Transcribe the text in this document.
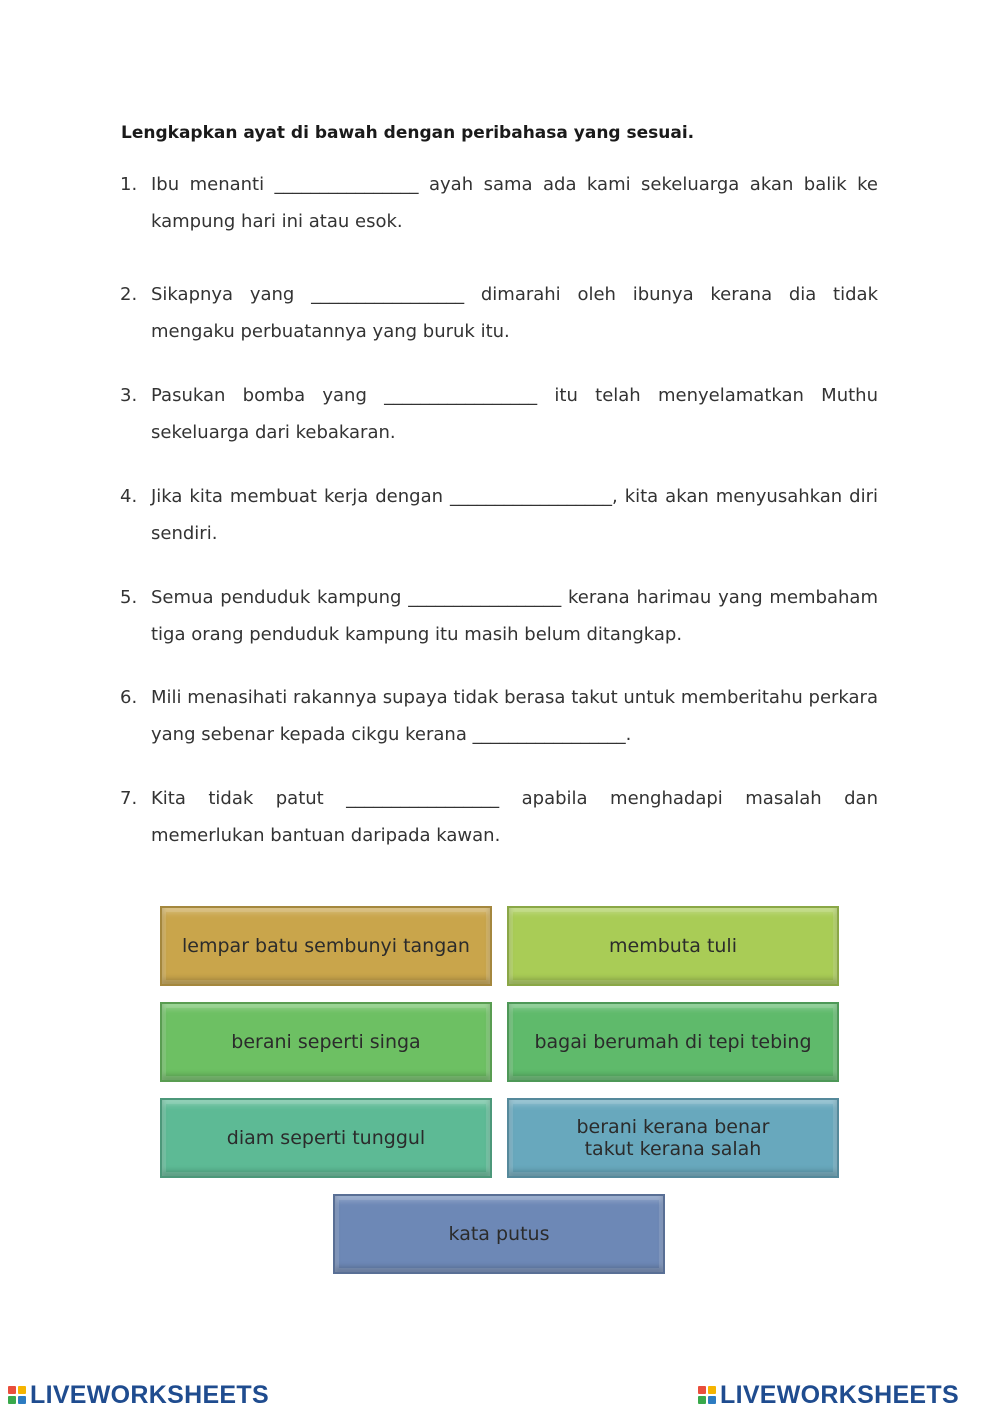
Lengkapkan ayat di bawah dengan peribahasa yang sesuai.

1. Ibu menanti ________________ ayah sama ada kami sekeluarga akan balik ke kampung hari ini atau esok.
2. Sikapnya yang _________________ dimarahi oleh ibunya kerana dia tidak mengaku perbuatannya yang buruk itu.
3. Pasukan bomba yang _________________ itu telah menyelamatkan Muthu sekeluarga dari kebakaran.
4. Jika kita membuat kerja dengan __________________, kita akan menyusahkan diri sendiri.
5. Semua penduduk kampung _________________ kerana harimau yang membaham tiga orang penduduk kampung itu masih belum ditangkap.
6. Mili menasihati rakannya supaya tidak berasa takut untuk memberitahu perkara yang sebenar kepada cikgu kerana _________________.
7. Kita tidak patut _________________ apabila menghadapi masalah dan memerlukan bantuan daripada kawan.
lempar batu sembunyi tangan	membuta tuli
berani seperti singa	bagai berumah di tepi tebing
diam seperti tunggul	berani kerana benar
takut kerana salah
kata putus
LIVEWORKSHEETS	LIVEWORKSHEETS
